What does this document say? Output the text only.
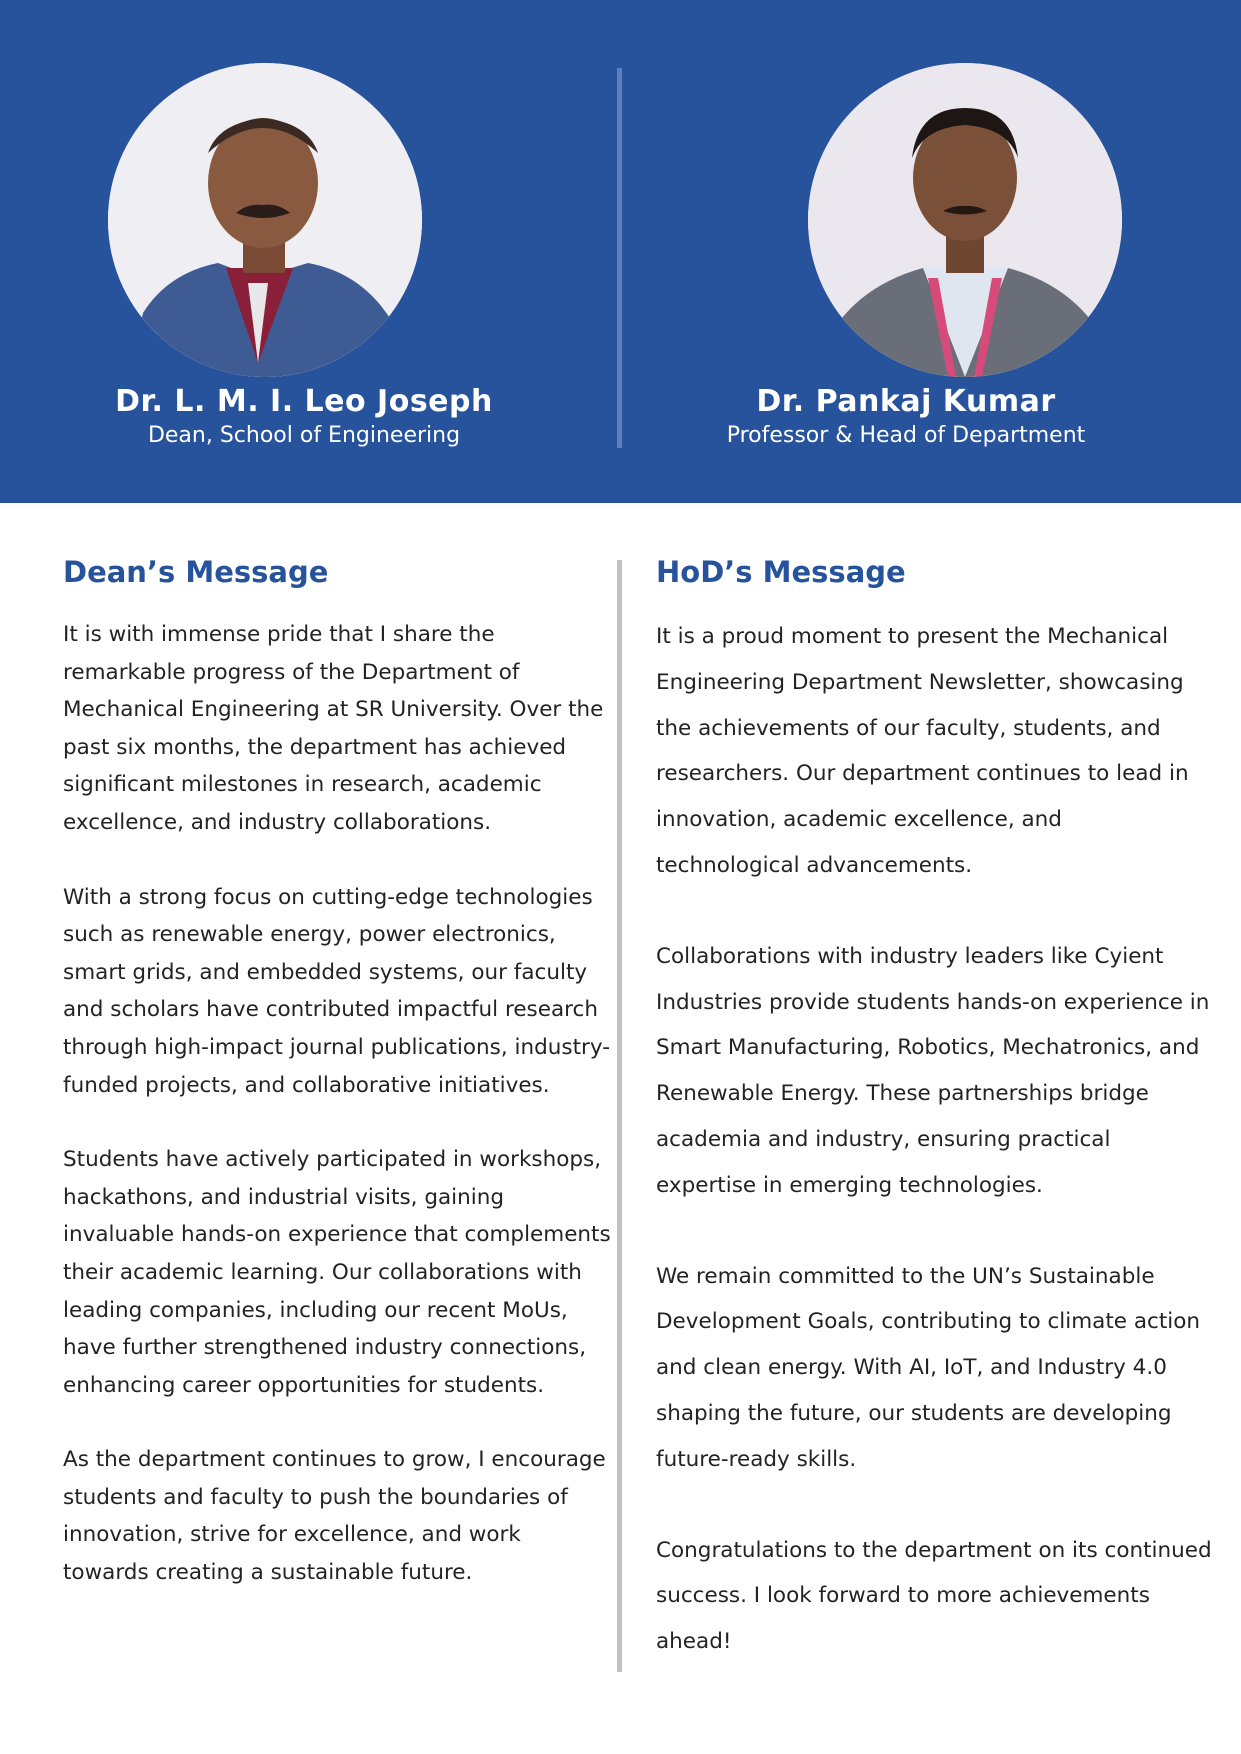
Dr. L. M. I. Leo Joseph
Dean, School of Engineering
Dr. Pankaj Kumar
Professor & Head of Department
Dean’s Message

It is with immense pride that I share the remarkable progress of the Department of Mechanical Engineering at SR University. Over the past six months, the department has achieved significant milestones in research, academic excellence, and industry collaborations.

With a strong focus on cutting-edge technologies such as renewable energy, power electronics, smart grids, and embedded systems, our faculty and scholars have contributed impactful research through high-impact journal publications, industry-funded projects, and collaborative initiatives.

Students have actively participated in workshops, hackathons, and industrial visits, gaining invaluable hands-on experience that complements their academic learning. Our collaborations with leading companies, including our recent MoUs, have further strengthened industry connections, enhancing career opportunities for students.

As the department continues to grow, I encourage students and faculty to push the boundaries of innovation, strive for excellence, and work towards creating a sustainable future.

HoD’s Message

It is a proud moment to present the Mechanical Engineering Department Newsletter, showcasing the achievements of our faculty, students, and researchers. Our department continues to lead in innovation, academic excellence, and technological advancements.

Collaborations with industry leaders like Cyient Industries provide students hands-on experience in Smart Manufacturing, Robotics, Mechatronics, and Renewable Energy. These partnerships bridge academia and industry, ensuring practical expertise in emerging technologies.

We remain committed to the UN’s Sustainable Development Goals, contributing to climate action and clean energy. With AI, IoT, and Industry 4.0 shaping the future, our students are developing future-ready skills.

Congratulations to the department on its continued success. I look forward to more achievements ahead!
